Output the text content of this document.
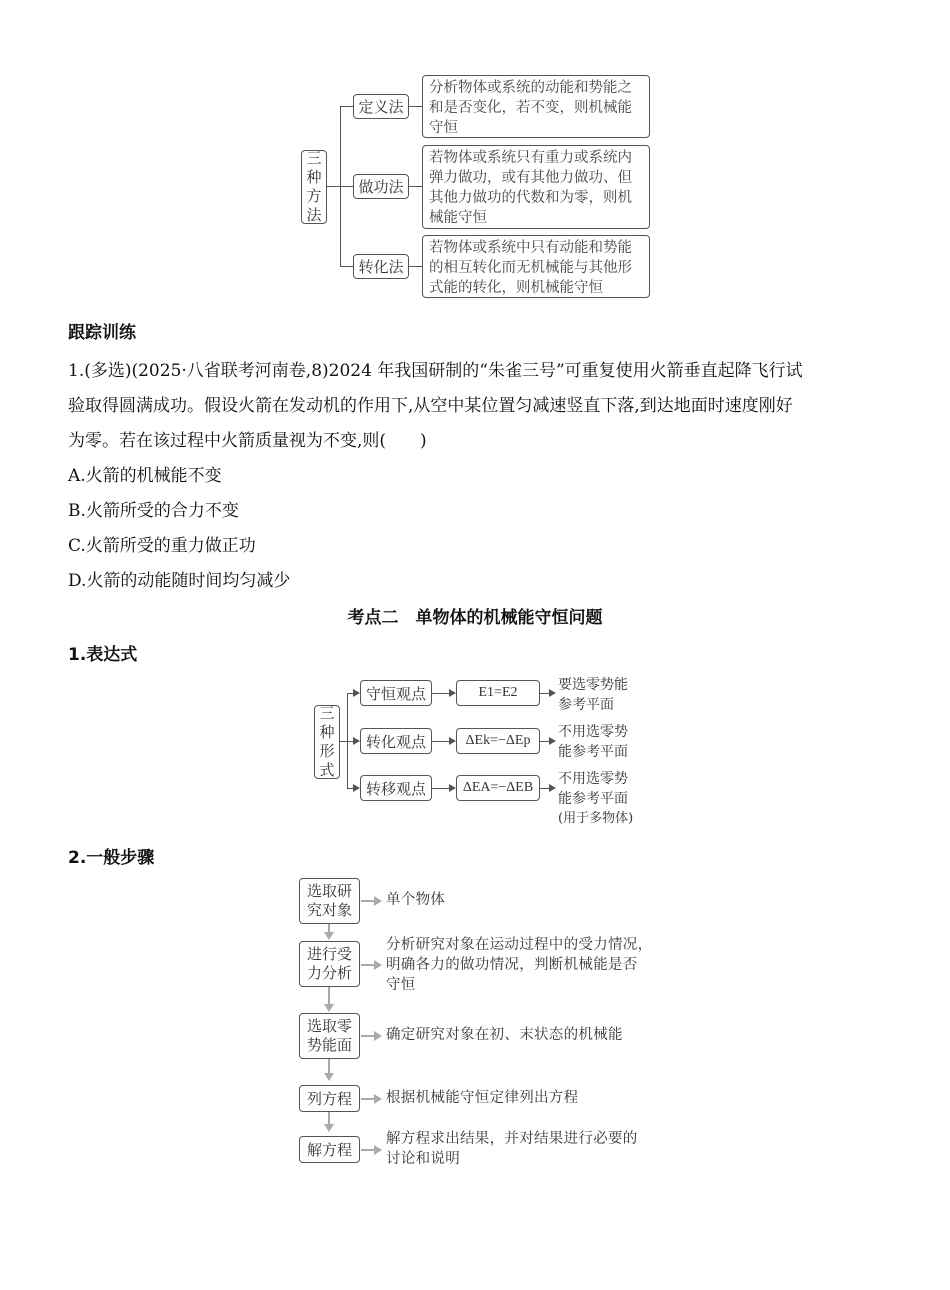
三
种
方
法
定义法
做功法
转化法
分析物体或系统的动能和势能之
和是否变化，若不变，则机械能
守恒
若物体或系统只有重力或系统内
弹力做功，或有其他力做功、但
其他力做功的代数和为零，则机
械能守恒
若物体或系统中只有动能和势能
的相互转化而无机械能与其他形
式能的转化，则机械能守恒
跟踪训练
1.(多选)(2025·八省联考河南卷,8)2024 年我国研制的“朱雀三号”可重复使用火箭垂直起降飞行试
验取得圆满成功。假设火箭在发动机的作用下,从空中某位置匀减速竖直下落,到达地面时速度刚好
为零。若在该过程中火箭质量视为不变,则(　　)
A.火箭的机械能不变
B.火箭所受的合力不变
C.火箭所受的重力做正功
D.火箭的动能随时间均匀减少
考点二　单物体的机械能守恒问题
1.表达式
三
种
形
式
守恒观点
转化观点
转移观点
E1=E2
ΔEk=−ΔEp
ΔEA=−ΔEB
要选零势能
参考平面
不用选零势
能参考平面
不用选零势
能参考平面
(用于多物体)
2.一般步骤
选取研
究对象
单个物体
进行受
力分析
分析研究对象在运动过程中的受力情况，
明确各力的做功情况，判断机械能是否
守恒
选取零
势能面
确定研究对象在初、末状态的机械能
列方程 根据机械能守恒定律列出方程
解方程
解方程求出结果，并对结果进行必要的
讨论和说明
